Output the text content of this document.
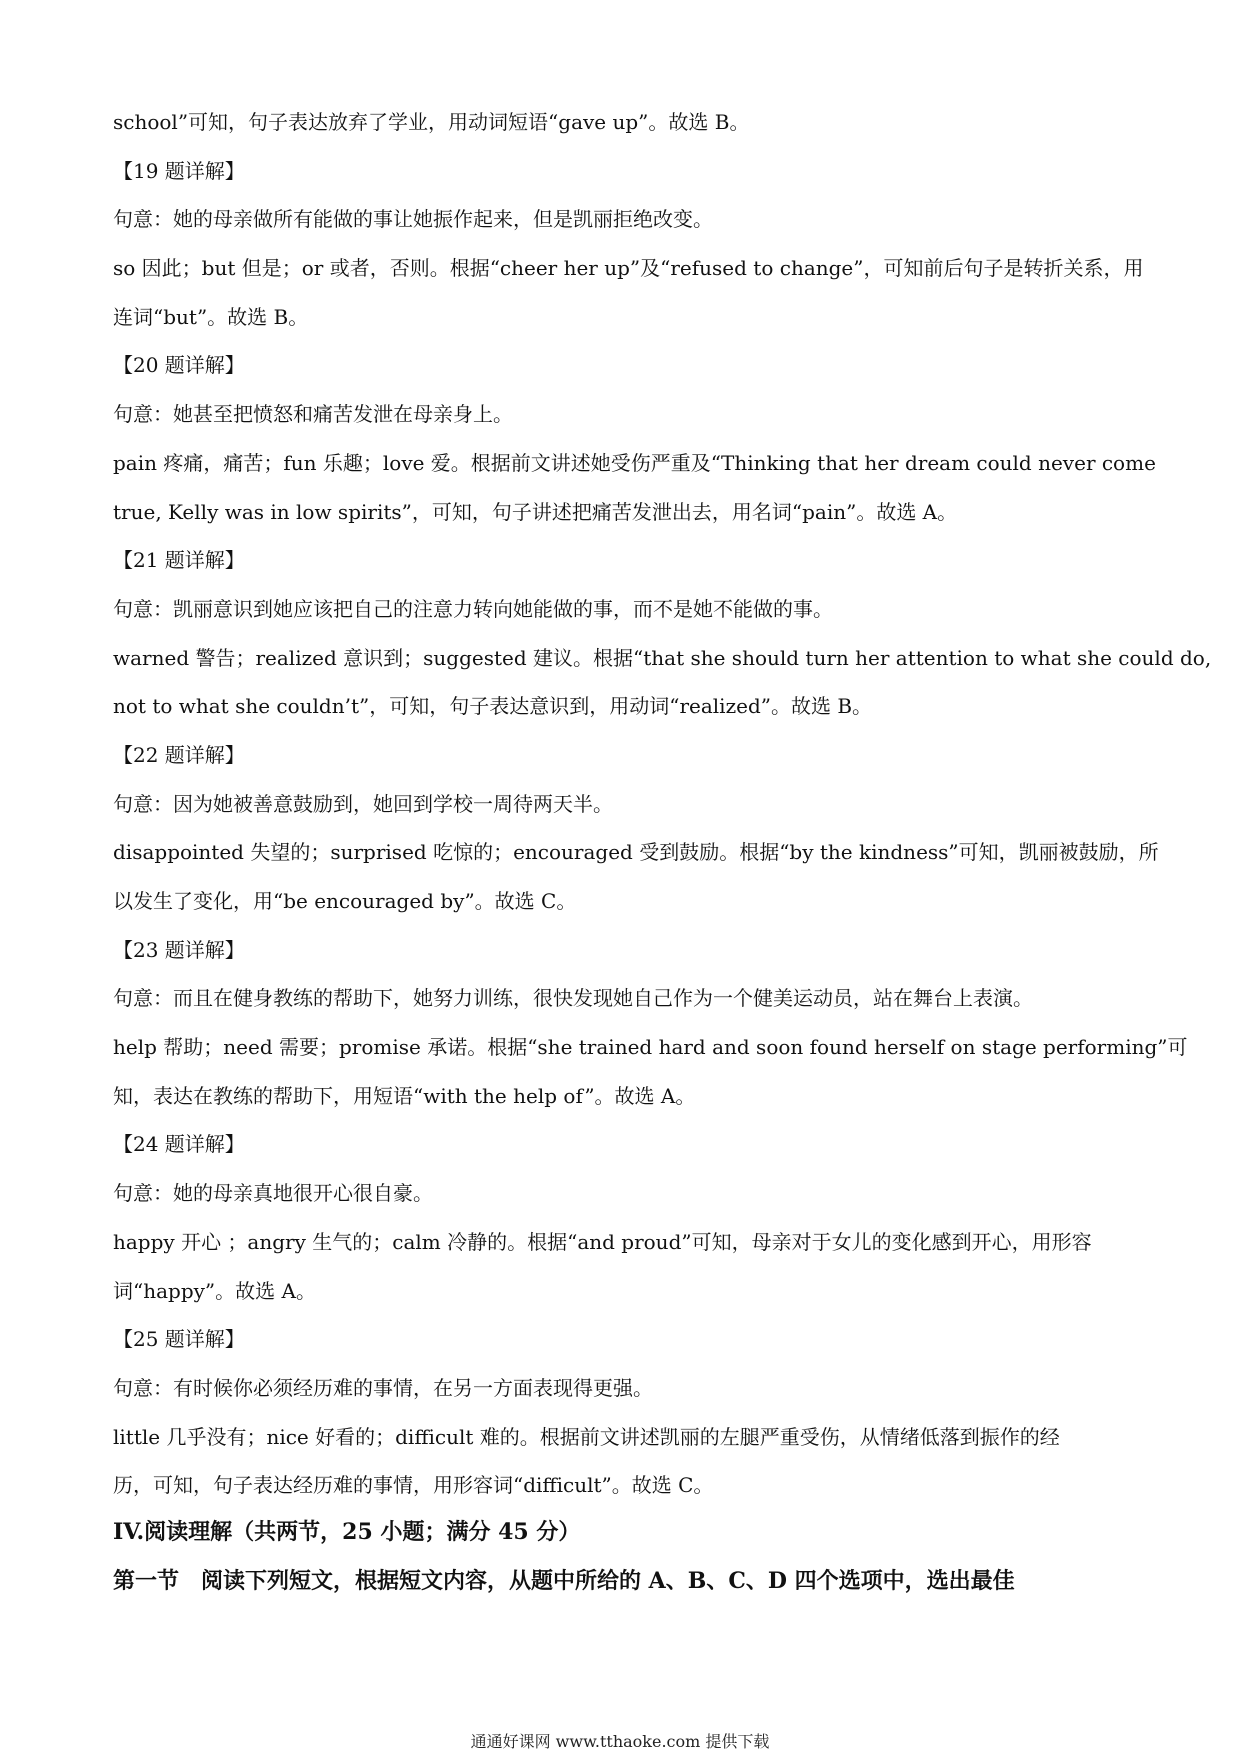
school”可知，句子表达放弃了学业，用动词短语“gave up”。故选 B。
【19 题详解】
句意：她的母亲做所有能做的事让她振作起来，但是凯丽拒绝改变。
so 因此；but 但是；or 或者，否则。根据“cheer her up”及“refused to change”，可知前后句子是转折关系，用
连词“but”。故选 B。
【20 题详解】
句意：她甚至把愤怒和痛苦发泄在母亲身上。
pain 疼痛，痛苦；fun 乐趣；love 爱。根据前文讲述她受伤严重及“Thinking that her dream could never come
true, Kelly was in low spirits”，可知，句子讲述把痛苦发泄出去，用名词“pain”。故选 A。
【21 题详解】
句意：凯丽意识到她应该把自己的注意力转向她能做的事，而不是她不能做的事。
warned 警告；realized 意识到；suggested 建议。根据“that she should turn her attention to what she could do,
not to what she couldn’t”，可知，句子表达意识到，用动词“realized”。故选 B。
【22 题详解】
句意：因为她被善意鼓励到，她回到学校一周待两天半。
disappointed 失望的；surprised 吃惊的；encouraged 受到鼓励。根据“by the kindness”可知，凯丽被鼓励，所
以发生了变化，用“be encouraged by”。故选 C。
【23 题详解】
句意：而且在健身教练的帮助下，她努力训练，很快发现她自己作为一个健美运动员，站在舞台上表演。
help 帮助；need 需要；promise 承诺。根据“she trained hard and soon found herself on stage performing”可
知，表达在教练的帮助下，用短语“with the help of”。故选 A。
【24 题详解】
句意：她的母亲真地很开心很自豪。
happy 开心 ；angry 生气的；calm 冷静的。根据“and proud”可知，母亲对于女儿的变化感到开心，用形容
词“happy”。故选 A。
【25 题详解】
句意：有时候你必须经历难的事情，在另一方面表现得更强。
little 几乎没有；nice 好看的；difficult 难的。根据前文讲述凯丽的左腿严重受伤，从情绪低落到振作的经
历，可知，句子表达经历难的事情，用形容词“difficult”。故选 C。
IV.阅读理解（共两节，25 小题；满分 45 分）
第一节　阅读下列短文，根据短文内容，从题中所给的 A、B、C、D 四个选项中，选出最佳
通通好课网 www.tthaoke.com 提供下载
